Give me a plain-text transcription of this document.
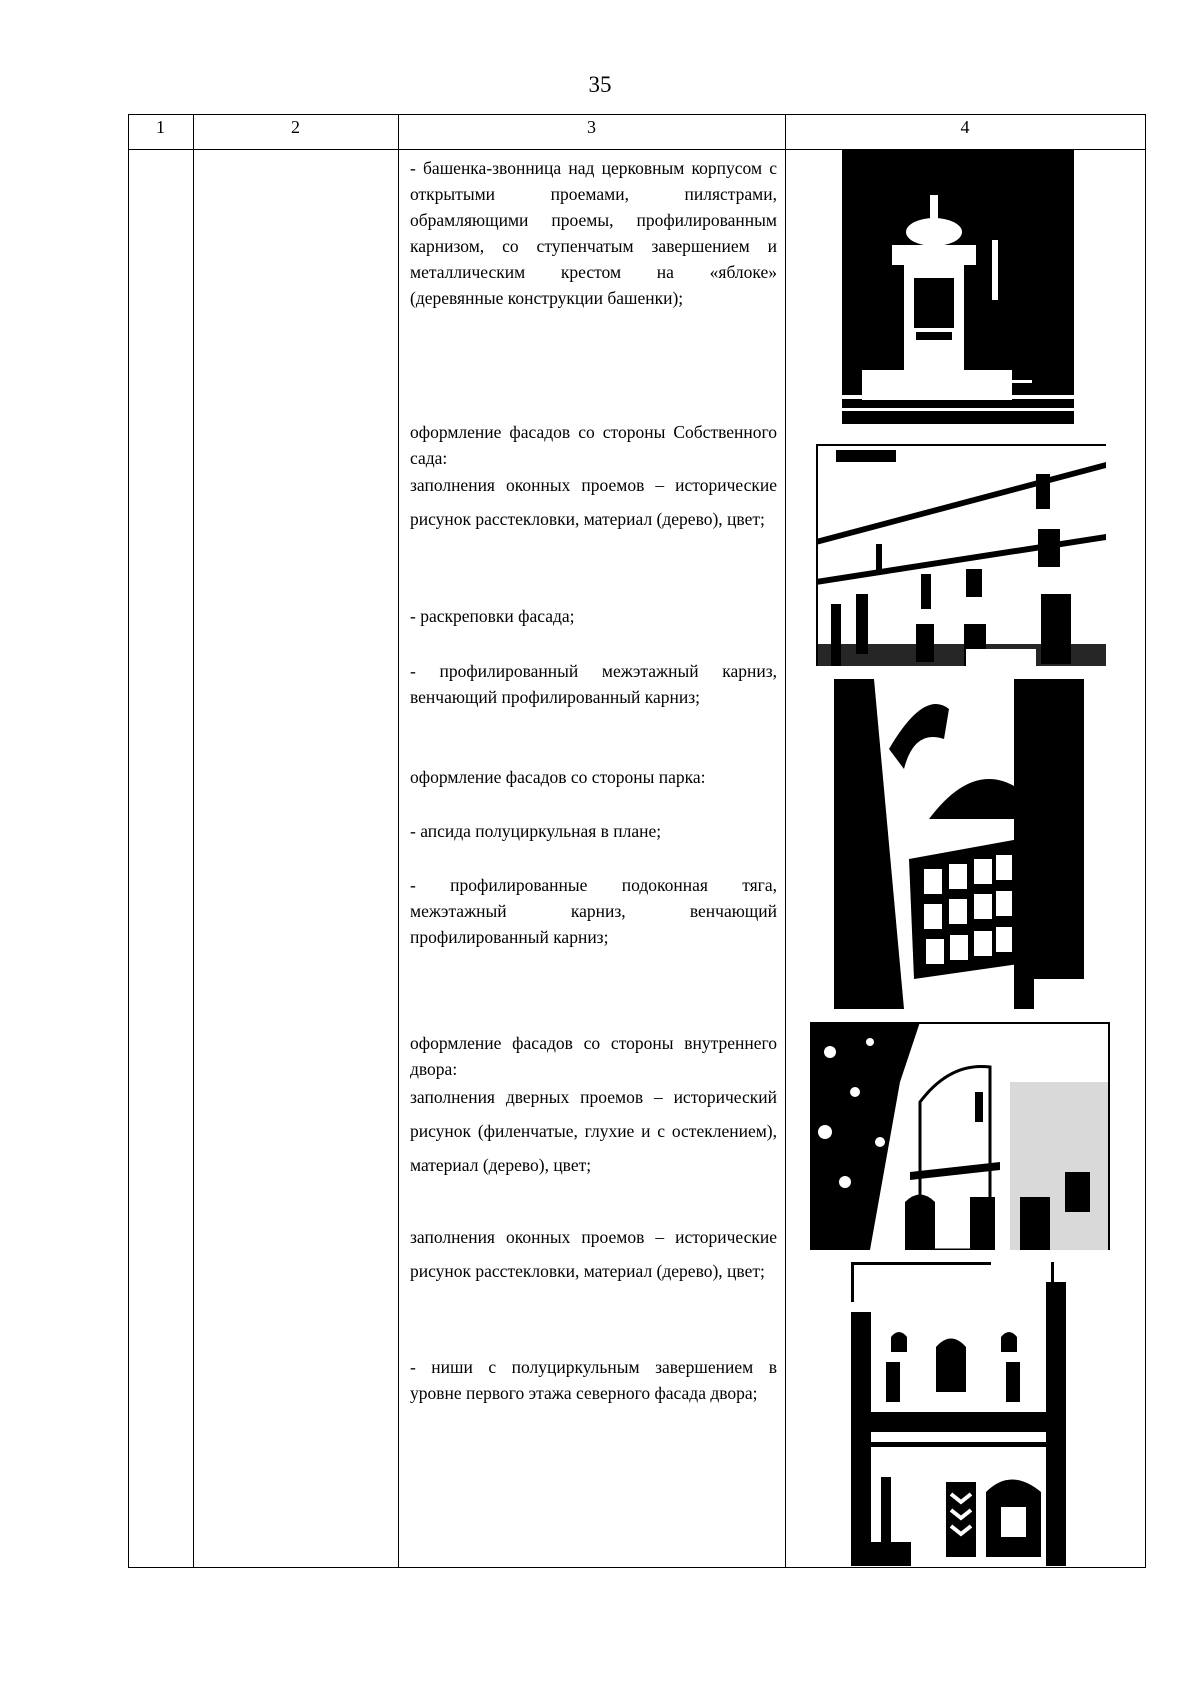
35
1	2	3	4

- башенка-звонница над церковным корпусом с открытыми проемами, пилястрами, обрамляющими проемы, профилированным карнизом, со ступенчатым завершением и металлическим крестом на «яблоке» (деревянные конструкции башенки);

оформление фасадов со стороны Собственного сада:

заполнения оконных проемов – исторические рисунок расстекловки, материал (дерево), цвет;

- раскреповки фасада;

- профилированный межэтажный карниз, венчающий профилированный карниз;

оформление фасадов со стороны парка:

- апсида полуциркульная в плане;

- профилированные подоконная тяга, межэтажный карниз, венчающий профилированный карниз;

оформление фасадов со стороны внутреннего двора:

заполнения дверных проемов – исторический рисунок (филенчатые, глухие и с остеклением), материал (дерево), цвет;

заполнения оконных проемов – исторические рисунок расстекловки, материал (дерево), цвет;

- ниши с полуциркульным завершением в уровне первого этажа северного фасада двора;
